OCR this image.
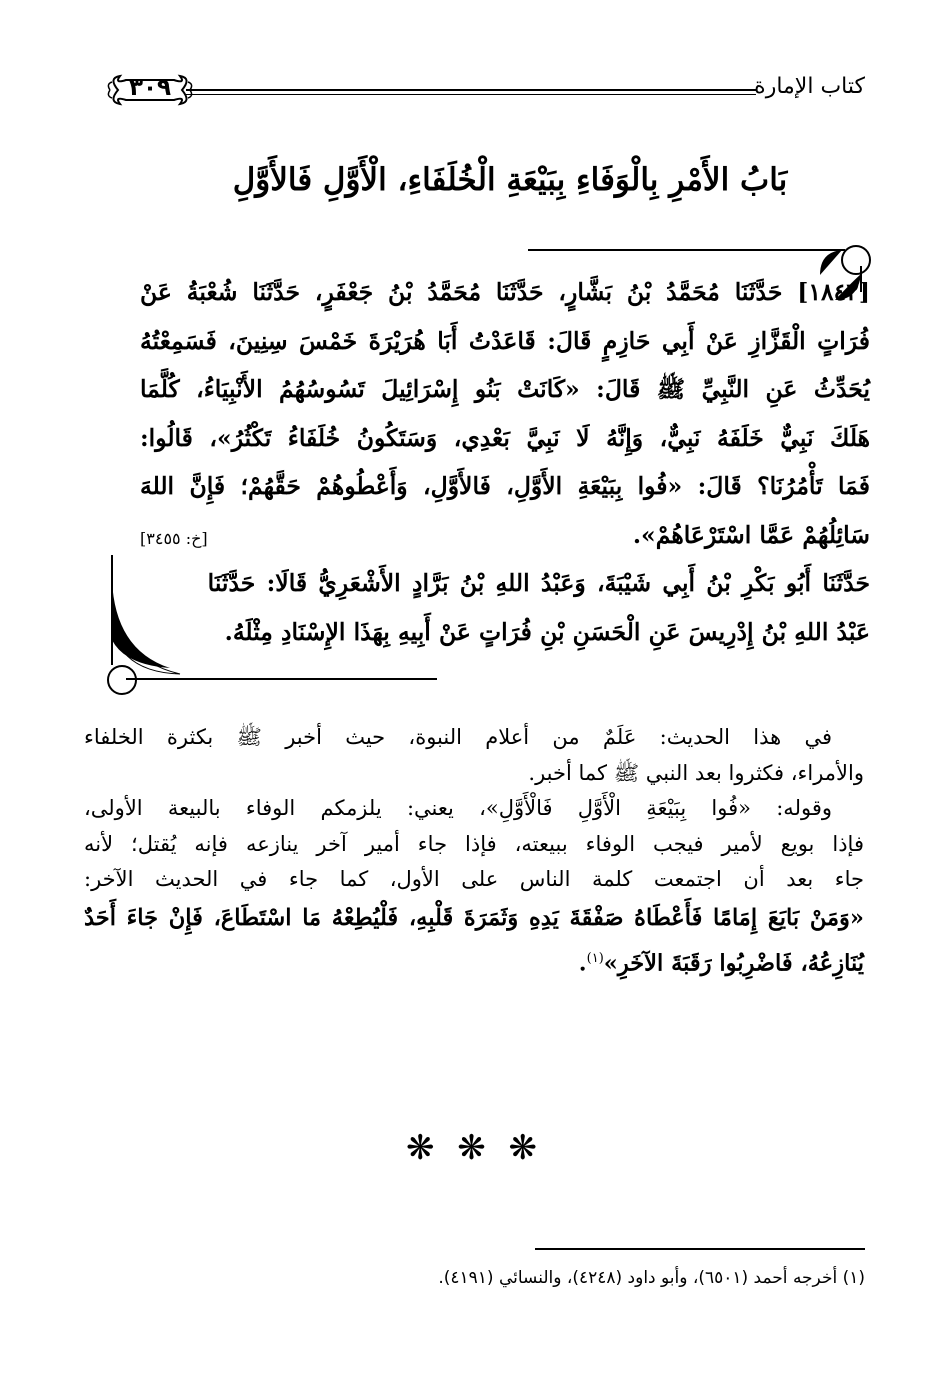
كتاب الإمارة
٣٠٩
بَابُ الأَمْرِ بِالْوَفَاءِ بِبَيْعَةِ الْخُلَفَاءِ، الْأَوَّلِ فَالأَوَّلِ
[١٨٤٢] حَدَّثَنَا مُحَمَّدُ بْنُ بَشَّارٍ، حَدَّثَنَا مُحَمَّدُ بْنُ جَعْفَرٍ، حَدَّثَنَا شُعْبَةُ عَنْ
فُرَاتٍ الْقَزَّازِ عَنْ أَبِي حَازِمٍ قَالَ: قَاعَدْتُ أَبَا هُرَيْرَةَ خَمْسَ سِنِينَ، فَسَمِعْتُهُ
يُحَدِّثُ عَنِ النَّبِيِّ ﷺ قَالَ: «كَانَتْ بَنُو إِسْرَائِيلَ تَسُوسُهُمُ الأَنْبِيَاءُ، كُلَّمَا
هَلَكَ نَبِيٌّ خَلَفَهُ نَبِيٌّ، وَإِنَّهُ لَا نَبِيَّ بَعْدِي، وَسَتَكُونُ خُلَفَاءُ تَكْثُرُ»، قَالُوا:
فَمَا تَأْمُرُنَا؟ قَالَ: «فُوا بِبَيْعَةِ الأَوَّلِ، فَالأَوَّلِ، وَأَعْطُوهُمْ حَقَّهُمْ؛ فَإِنَّ اللهَ
سَائِلُهُمْ عَمَّا اسْتَرْعَاهُمْ».
[خ: ٣٤٥٥]
حَدَّثَنَا أَبُو بَكْرِ بْنُ أَبِي شَيْبَةَ، وَعَبْدُ اللهِ بْنُ بَرَّادٍ الأَشْعَرِيُّ قَالَا: حَدَّثَنَا
عَبْدُ اللهِ بْنُ إِدْرِيسَ عَنِ الْحَسَنِ بْنِ فُرَاتٍ عَنْ أَبِيهِ بِهَذَا الإِسْنَادِ مِثْلَهُ.
في هذا الحديث: عَلَمٌ من أعلام النبوة، حيث أخبر ﷺ بكثرة الخلفاء
والأمراء، فكثروا بعد النبي ﷺ كما أخبر.
وقوله: «فُوا بِبَيْعَةِ الْأَوَّلِ فَالْأَوَّلِ»، يعني: يلزمكم الوفاء بالبيعة الأولى،
فإذا بويع لأمير فيجب الوفاء ببيعته، فإذا جاء أمير آخر ينازعه فإنه يُقتل؛ لأنه
جاء بعد أن اجتمعت كلمة الناس على الأول، كما جاء في الحديث الآخر:
«وَمَنْ بَايَعَ إِمَامًا فَأَعْطَاهُ صَفْقَةَ يَدِهِ وَثَمَرَةَ قَلْبِهِ، فَلْيُطِعْهُ مَا اسْتَطَاعَ، فَإِنْ جَاءَ أَحَدٌ
يُنَازِعُهُ، فَاضْرِبُوا رَقَبَةَ الآخَرِ»$^{(١)}$.
❋ ❋ ❋
(١) أخرجه أحمد (٦٥٠١)، وأبو داود (٤٢٤٨)، والنسائي (٤١٩١).
